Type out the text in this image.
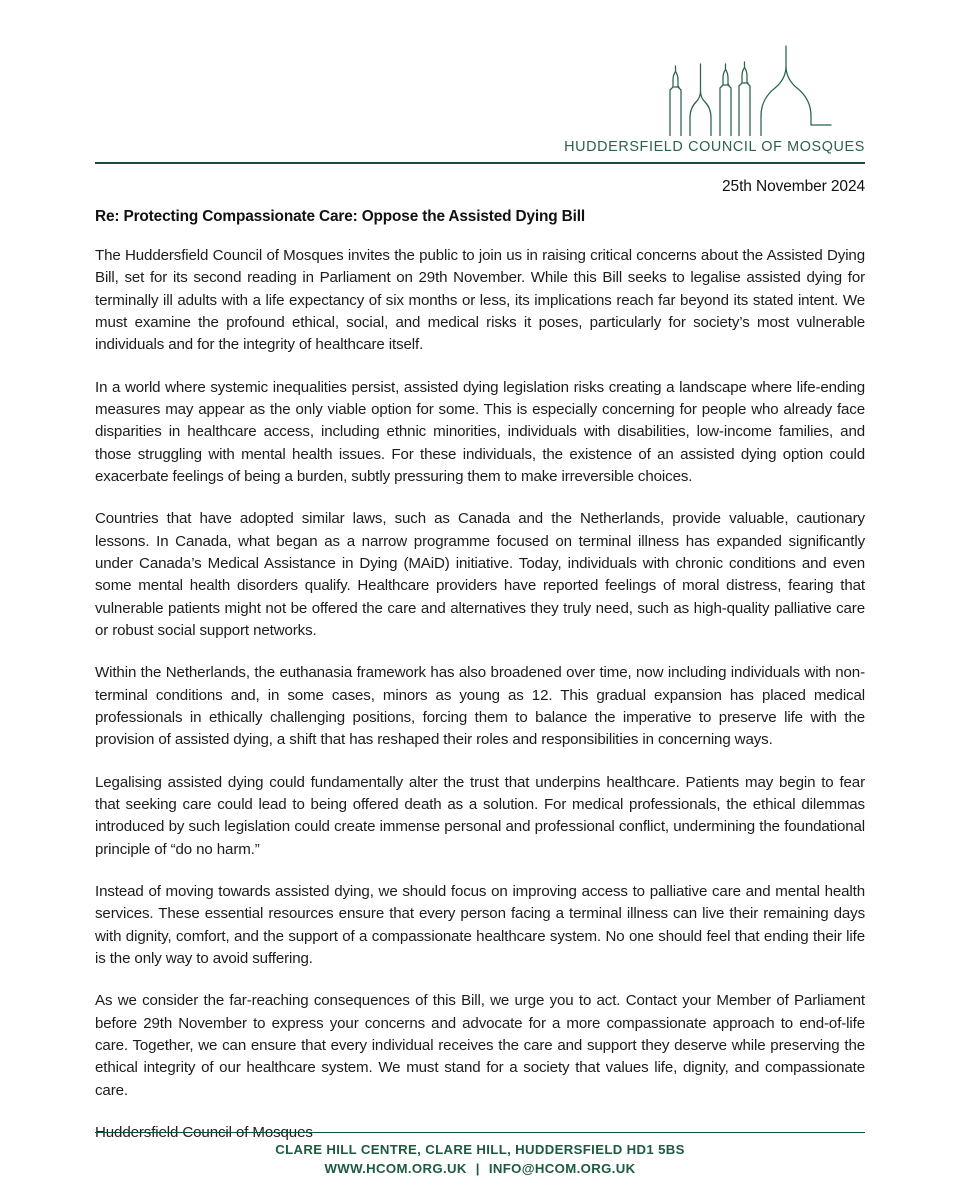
HUDDERSFIELD COUNCIL OF MOSQUES
25th November 2024
Re: Protecting Compassionate Care: Oppose the Assisted Dying Bill

The Huddersfield Council of Mosques invites the public to join us in raising critical concerns about the Assisted Dying Bill, set for its second reading in Parliament on 29th November. While this Bill seeks to legalise assisted dying for terminally ill adults with a life expectancy of six months or less, its implications reach far beyond its stated intent. We must examine the profound ethical, social, and medical risks it poses, particularly for society’s most vulnerable individuals and for the integrity of healthcare itself.

In a world where systemic inequalities persist, assisted dying legislation risks creating a landscape where life-ending measures may appear as the only viable option for some. This is especially concerning for people who already face disparities in healthcare access, including ethnic minorities, individuals with disabilities, low-income families, and those struggling with mental health issues. For these individuals, the existence of an assisted dying option could exacerbate feelings of being a burden, subtly pressuring them to make irreversible choices.

Countries that have adopted similar laws, such as Canada and the Netherlands, provide valuable, cautionary lessons. In Canada, what began as a narrow programme focused on terminal illness has expanded significantly under Canada’s Medical Assistance in Dying (MAiD) initiative. Today, individuals with chronic conditions and even some mental health disorders qualify. Healthcare providers have reported feelings of moral distress, fearing that vulnerable patients might not be offered the care and alternatives they truly need, such as high-quality palliative care or robust social support networks.

Within the Netherlands, the euthanasia framework has also broadened over time, now including individuals with non-terminal conditions and, in some cases, minors as young as 12. This gradual expansion has placed medical professionals in ethically challenging positions, forcing them to balance the imperative to preserve life with the provision of assisted dying, a shift that has reshaped their roles and responsibilities in concerning ways.

Legalising assisted dying could fundamentally alter the trust that underpins healthcare. Patients may begin to fear that seeking care could lead to being offered death as a solution. For medical professionals, the ethical dilemmas introduced by such legislation could create immense personal and professional conflict, undermining the foundational principle of “do no harm.”

Instead of moving towards assisted dying, we should focus on improving access to palliative care and mental health services. These essential resources ensure that every person facing a terminal illness can live their remaining days with dignity, comfort, and the support of a compassionate healthcare system. No one should feel that ending their life is the only way to avoid suffering.

As we consider the far-reaching consequences of this Bill, we urge you to act. Contact your Member of Parliament before 29th November to express your concerns and advocate for a more compassionate approach to end-of-life care. Together, we can ensure that every individual receives the care and support they deserve while preserving the ethical integrity of our healthcare system. We must stand for a society that values life, dignity, and compassionate care.

Huddersfield Council of Mosques
CLARE HILL CENTRE, CLARE HILL, HUDDERSFIELD HD1 5BS
WWW.HCOM.ORG.UK | INFO@HCOM.ORG.UK
